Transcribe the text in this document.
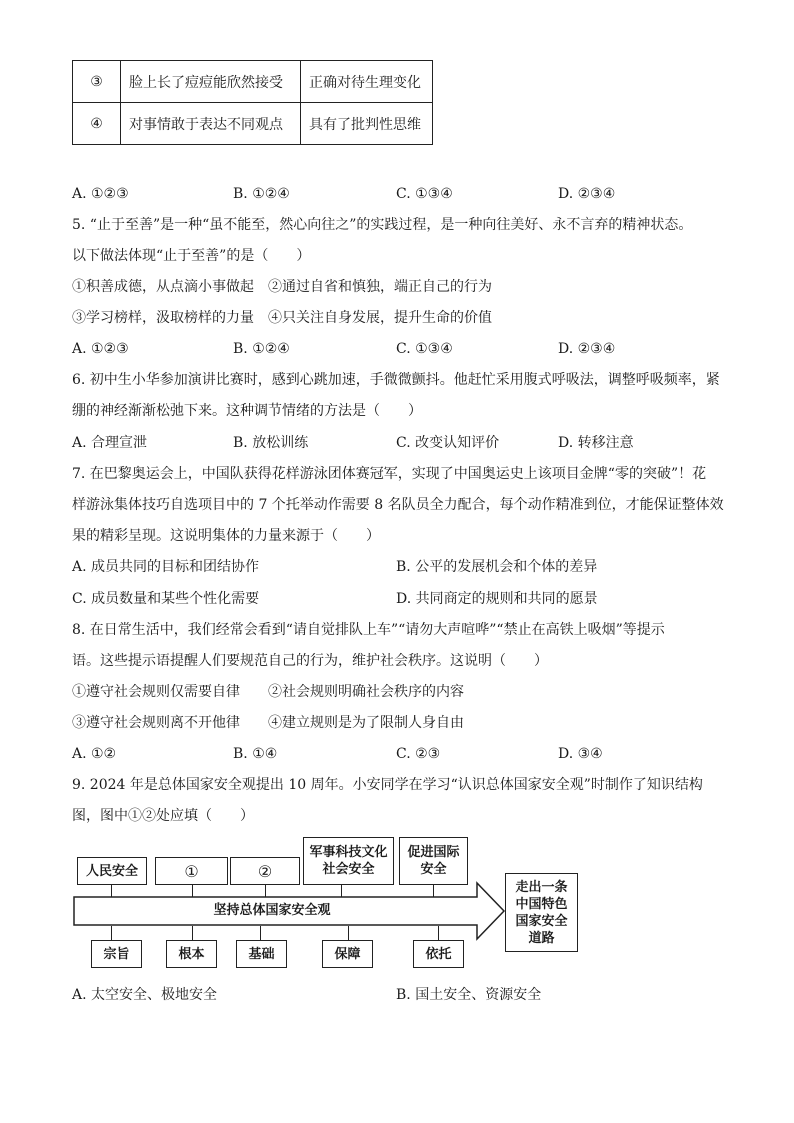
③	脸上长了痘痘能欣然接受	正确对待生理变化
④	对事情敢于表达不同观点	具有了批判性思维
A. ①②③	B. ①②④	C. ①③④	D. ②③④
5. “止于至善”是一种“虽不能至，然心向往之”的实践过程，是一种向往美好、永不言弃的精神状态。
以下做法体现“止于至善”的是（　　）
①积善成德，从点滴小事做起　②通过自省和慎独，端正自己的行为
③学习榜样，汲取榜样的力量　④只关注自身发展，提升生命的价值
A. ①②③	B. ①②④	C. ①③④	D. ②③④
6. 初中生小华参加演讲比赛时，感到心跳加速，手微微颤抖。他赶忙采用腹式呼吸法，调整呼吸频率，紧
绷的神经渐渐松弛下来。这种调节情绪的方法是（　　）
A. 合理宣泄	B. 放松训练	C. 改变认知评价	D. 转移注意
7. 在巴黎奥运会上，中国队获得花样游泳团体赛冠军，实现了中国奥运史上该项目金牌“零的突破”！花
样游泳集体技巧自选项目中的 7 个托举动作需要 8 名队员全力配合，每个动作精准到位，才能保证整体效
果的精彩呈现。这说明集体的力量来源于（　　）
A. 成员共同的目标和团结协作	B. 公平的发展机会和个体的差异
C. 成员数量和某些个性化需要	D. 共同商定的规则和共同的愿景
8. 在日常生活中，我们经常会看到“请自觉排队上车”“请勿大声喧哗”“禁止在高铁上吸烟”等提示
语。这些提示语提醒人们要规范自己的行为，维护社会秩序。这说明（　　）
①遵守社会规则仅需要自律　　②社会规则明确社会秩序的内容
③遵守社会规则离不开他律　　④建立规则是为了限制人身自由
A. ①②	B. ①④	C. ②③	D. ③④
9. 2024 年是总体国家安全观提出 10 周年。小安同学在学习“认识总体国家安全观”时制作了知识结构
图，图中①②处应填（　　）
坚持总体国家安全观
人民安全	①	②
军事科技文化
社会安全
促进国际
安全
走出一条
中国特色
国家安全
道路
宗旨	根本	基础	保障	依托
A. 太空安全、极地安全	B. 国土安全、资源安全
